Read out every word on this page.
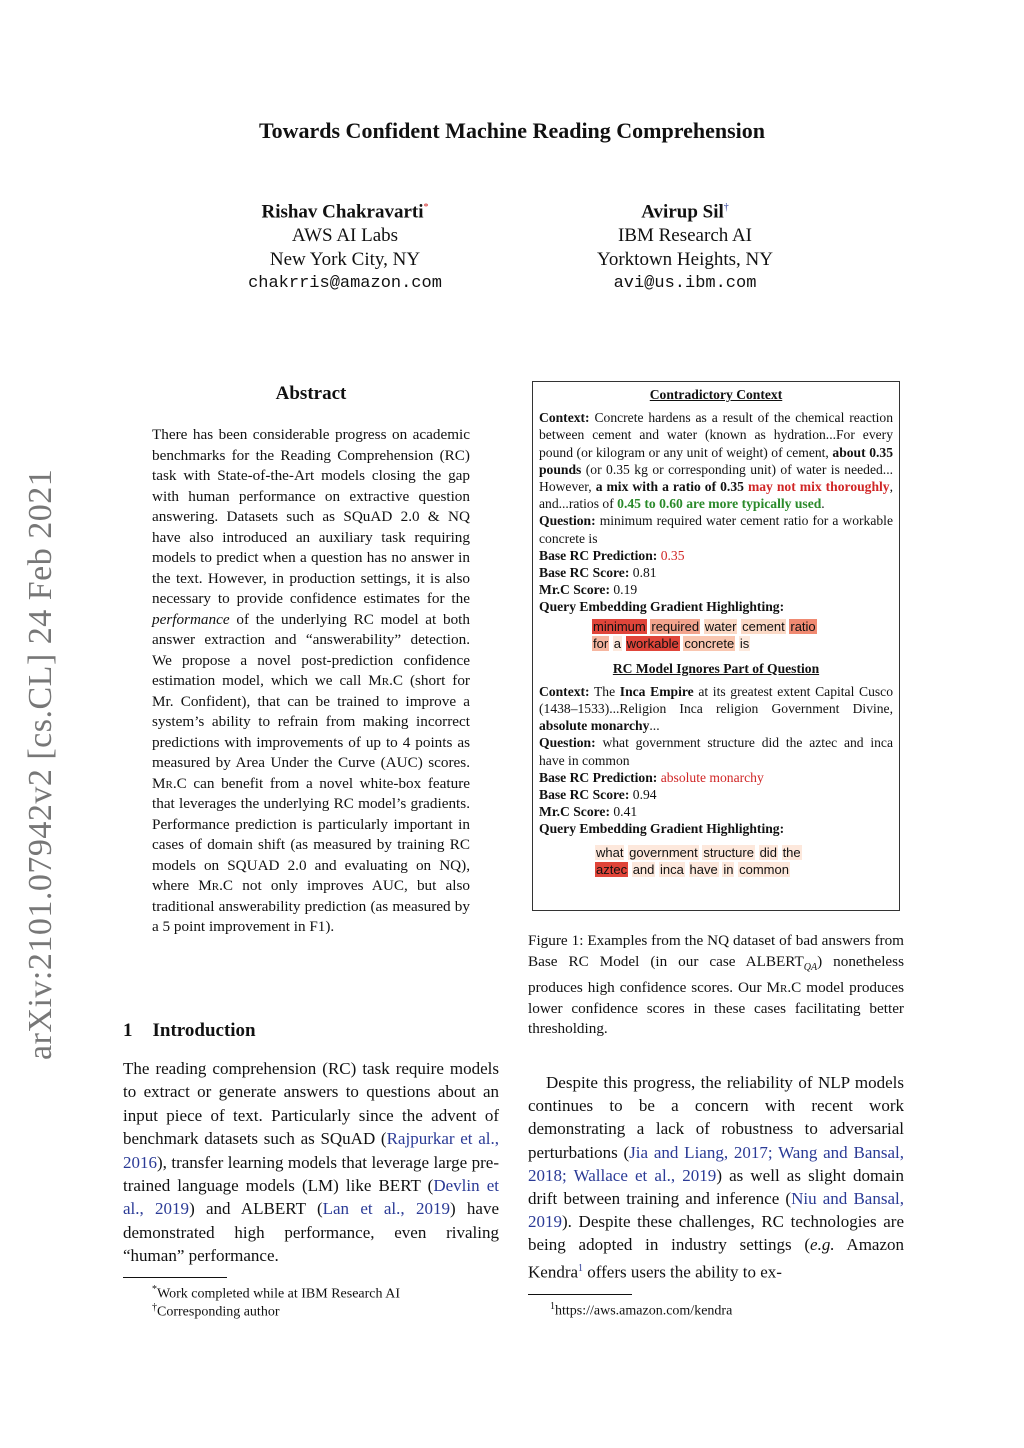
Towards Confident Machine Reading Comprehension
Rishav Chakravarti*
AWS AI Labs
New York City, NY
chakrris@amazon.com
Avirup Sil†
IBM Research AI
Yorktown Heights, NY
avi@us.ibm.com
arXiv:2101.07942v2 [cs.CL] 24 Feb 2021
Abstract
There has been considerable progress on academic benchmarks for the Reading Comprehension (RC) task with State-of-the-Art models closing the gap with human performance on extractive question answering. Datasets such as SQuAD 2.0 & NQ have also introduced an auxiliary task requiring models to predict when a question has no answer in the text. However, in production settings, it is also necessary to provide confidence estimates for the performance of the underlying RC model at both answer extraction and “answerability” detection. We propose a novel post-prediction confidence estimation model, which we call Mr.C (short for Mr. Confident), that can be trained to improve a system’s ability to refrain from making incorrect predictions with improvements of up to 4 points as measured by Area Under the Curve (AUC) scores. Mr.C can benefit from a novel white-box feature that leverages the underlying RC model’s gradients. Performance prediction is particularly important in cases of domain shift (as measured by training RC models on SQUAD 2.0 and evaluating on NQ), where Mr.C not only improves AUC, but also traditional answerability prediction (as measured by a 5 point improvement in F1).
1 Introduction
The reading comprehension (RC) task require models to extract or generate answers to questions about an input piece of text. Particularly since the advent of benchmark datasets such as SQuAD (Rajpurkar et al., 2016), transfer learning models that leverage large pre-trained language models (LM) like BERT (Devlin et al., 2019) and ALBERT (Lan et al., 2019) have demonstrated high performance, even rivaling “human” performance.
*Work completed while at IBM Research AI
†Corresponding author
Contradictory Context

Context: Concrete hardens as a result of the chemical reaction between cement and water (known as hydration...For every pound (or kilogram or any unit of weight) of cement, about 0.35 pounds (or 0.35 kg or corresponding unit) of water is needed... However, a mix with a ratio of 0.35 may not mix thoroughly, and...ratios of 0.45 to 0.60 are more typically used.

Question: minimum required water cement ratio for a workable concrete is

Base RC Prediction: 0.35

Base RC Score: 0.81

Mr.C Score: 0.19

Query Embedding Gradient Highlighting:

minimum required water cement ratio
for a workable concrete is
RC Model Ignores Part of Question

Context: The Inca Empire at its greatest extent Capital Cusco (1438–1533)...Religion Inca religion Government Divine, absolute monarchy...

Question: what government structure did the aztec and inca have in common

Base RC Prediction: absolute monarchy

Base RC Score: 0.94

Mr.C Score: 0.41

Query Embedding Gradient Highlighting:

what government structure did the
aztec and inca have in common
Figure 1: Examples from the NQ dataset of bad answers from Base RC Model (in our case $ALBERT_{QA}$) nonetheless produces high confidence scores. Our Mr.C model produces lower confidence scores in these cases facilitating better thresholding.
Despite this progress, the reliability of NLP models continues to be a concern with recent work demonstrating a lack of robustness to adversarial perturbations (Jia and Liang, 2017; Wang and Bansal, 2018; Wallace et al., 2019) as well as slight domain drift between training and inference (Niu and Bansal, 2019). Despite these challenges, RC technologies are being adopted in industry settings (e.g. Amazon Kendra$^1$ offers users the ability to ex-
$^1$https://aws.amazon.com/kendra
